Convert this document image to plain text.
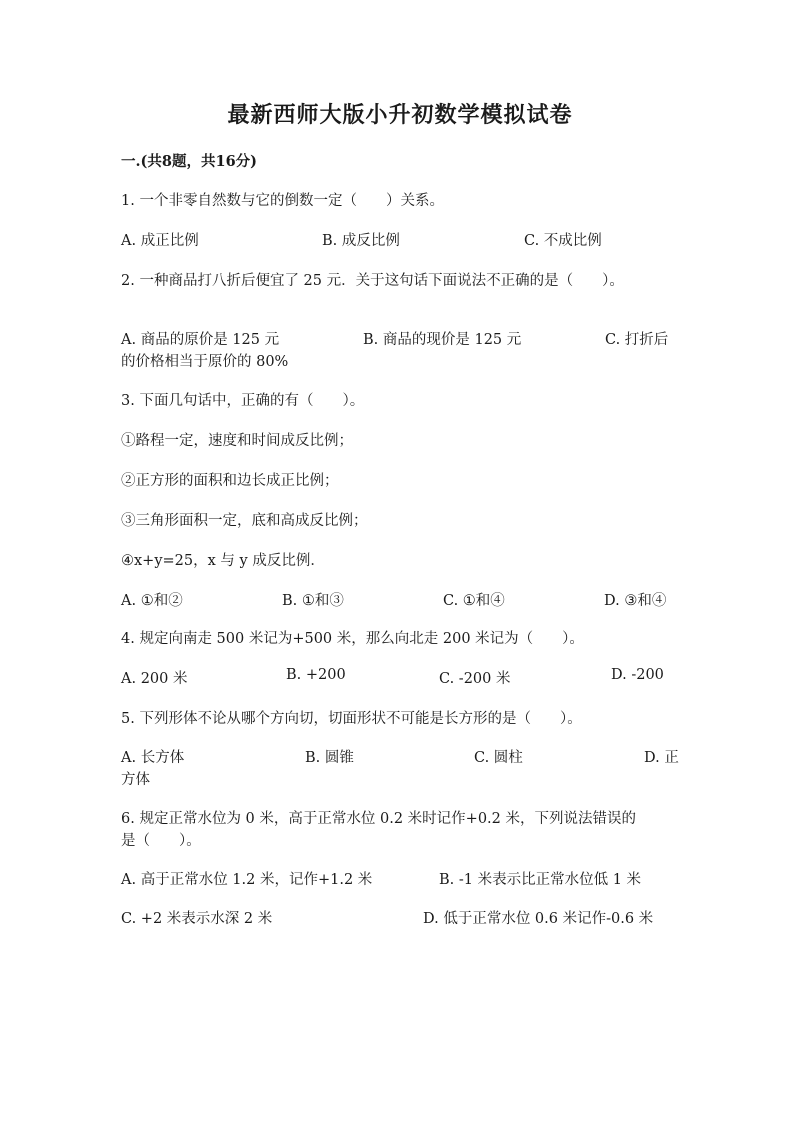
最新西师大版小升初数学模拟试卷
一.(共8题，共16分)
1. 一个非零自然数与它的倒数一定（　　）关系。
A. 成正比例	B. 成反比例	C. 不成比例
2. 一种商品打八折后便宜了 25 元．关于这句话下面说法不正确的是（　　）。
A. 商品的原价是 125 元	B. 商品的现价是 125 元	C. 打折后
的价格相当于原价的 80%
3. 下面几句话中，正确的有（　　）。
①路程一定，速度和时间成反比例；
②正方形的面积和边长成正比例；
③三角形面积一定，底和高成反比例；
④x+y=25，x 与 y 成反比例．
A. ①和②	B. ①和③	C. ①和④	D. ③和④
4. 规定向南走 500 米记为+500 米，那么向北走 200 米记为（　　）。
A. 200 米	B. +200	C. -200 米	D. -200
5. 下列形体不论从哪个方向切，切面形状不可能是长方形的是（　　）。
A. 长方体	B. 圆锥	C. 圆柱	D. 正
方体
6. 规定正常水位为 0 米，高于正常水位 0.2 米时记作+0.2 米，下列说法错误的
是（　　）。
A. 高于正常水位 1.2 米，记作+1.2 米	B. -1 米表示比正常水位低 1 米
C. +2 米表示水深 2 米	D. 低于正常水位 0.6 米记作-0.6 米
